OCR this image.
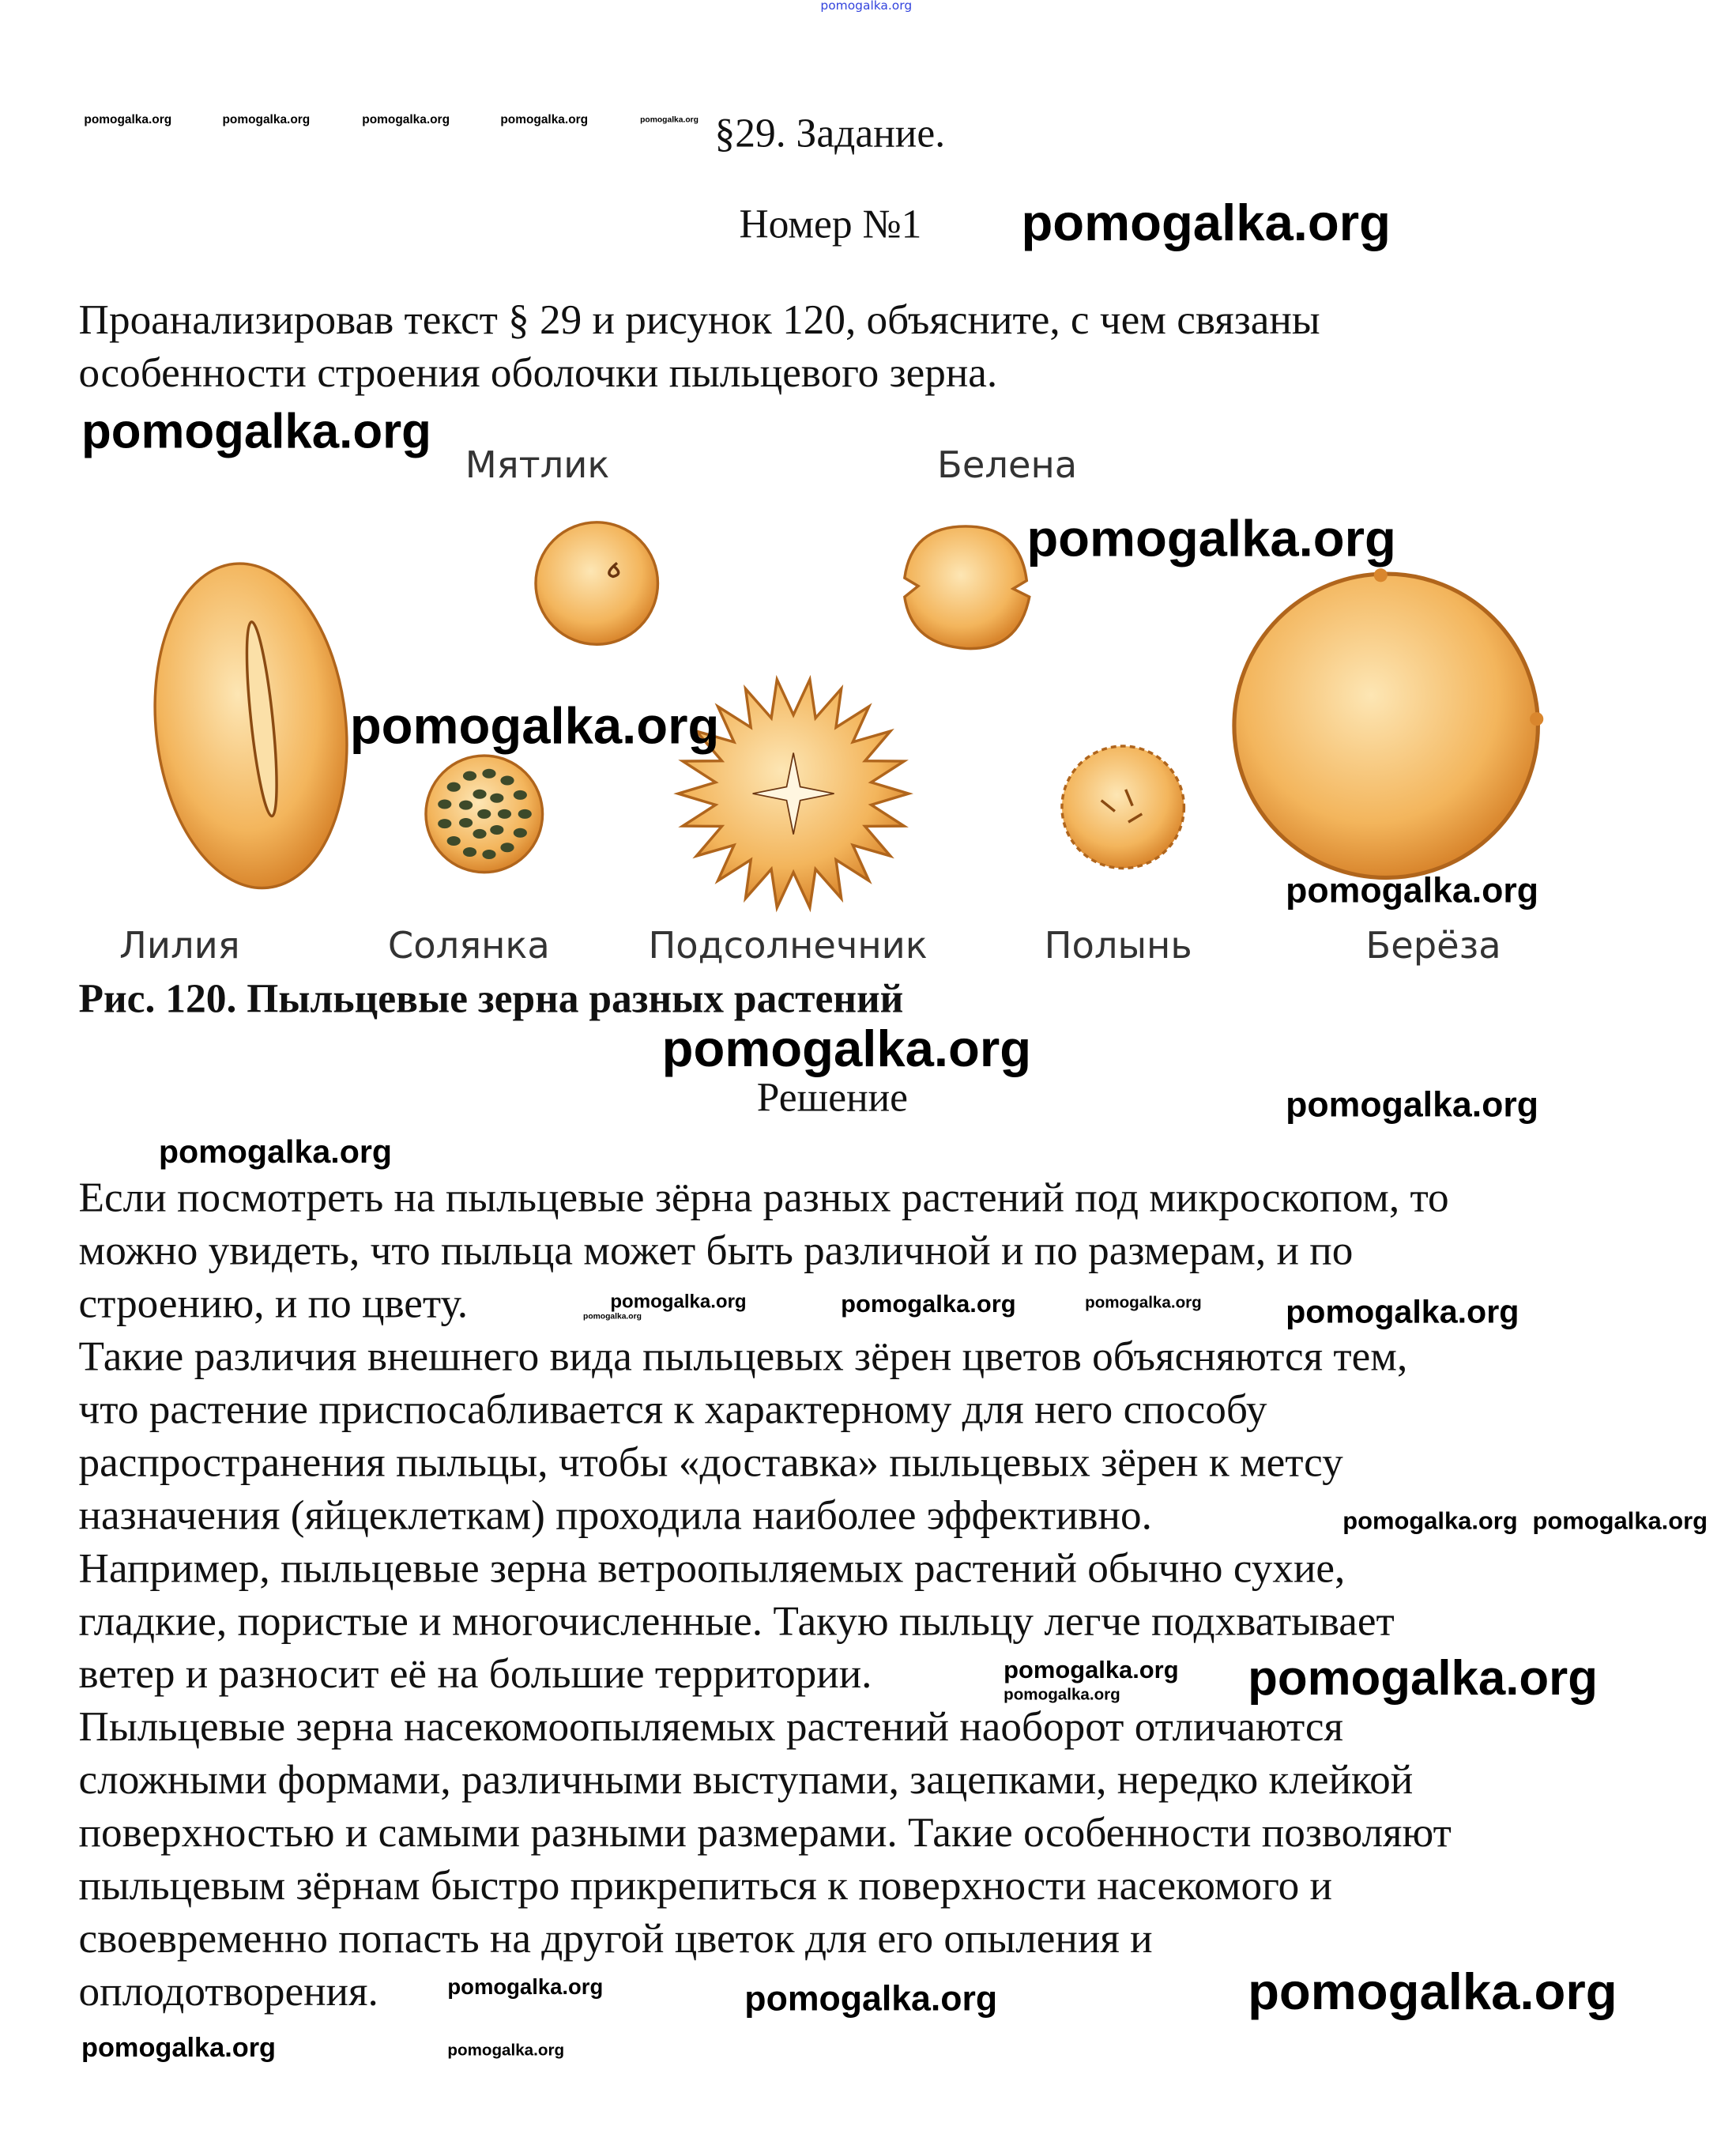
pomogalka.org
§29. Задание.
Номер №1
Проанализировав текст § 29 и рисунок 120, объясните, с чем связаны
особенности строения оболочки пыльцевого зерна.
Мятлик	Белена
Лилия	Солянка	Подсолнечник	Полынь	Берёза
Рис. 120. Пыльцевые зерна разных растений
Решение
Если посмотреть на пыльцевые зёрна разных растений под микроскопом, то
можно увидеть, что пыльца может быть различной и по размерам, и по
строению, и по цвету.
Такие различия внешнего вида пыльцевых зёрен цветов объясняются тем,
что растение приспосабливается к характерному для него способу
распространения пыльцы, чтобы «доставка» пыльцевых зёрен к метсу
назначения (яйцеклеткам) проходила наиболее эффективно.
Например, пыльцевые зерна ветроопыляемых растений обычно сухие,
гладкие, пористые и многочисленные. Такую пыльцу легче подхватывает
ветер и разносит её на большие территории.
Пыльцевые зерна насекомоопыляемых растений наоборот отличаются
сложными формами, различными выступами, зацепками, нередко клейкой
поверхностью и самыми разными размерами. Такие особенности позволяют
пыльцевым зёрнам быстро прикрепиться к поверхности насекомого и
своевременно попасть на другой цветок для его опыления и
оплодотворения.
pomogalka.org	pomogalka.org	pomogalka.org	pomogalka.org	pomogalka.org
pomogalka.org
pomogalka.org
pomogalka.org
pomogalka.org
pomogalka.org
pomogalka.org
pomogalka.org
pomogalka.org
pomogalka.org
pomogalka.org
pomogalka.org
pomogalka.org	pomogalka.org
pomogalka.org pomogalka.org
pomogalka.org
pomogalka.org
pomogalka.org
pomogalka.org	pomogalka.org
pomogalka.org	pomogalka.org	pomogalka.org
